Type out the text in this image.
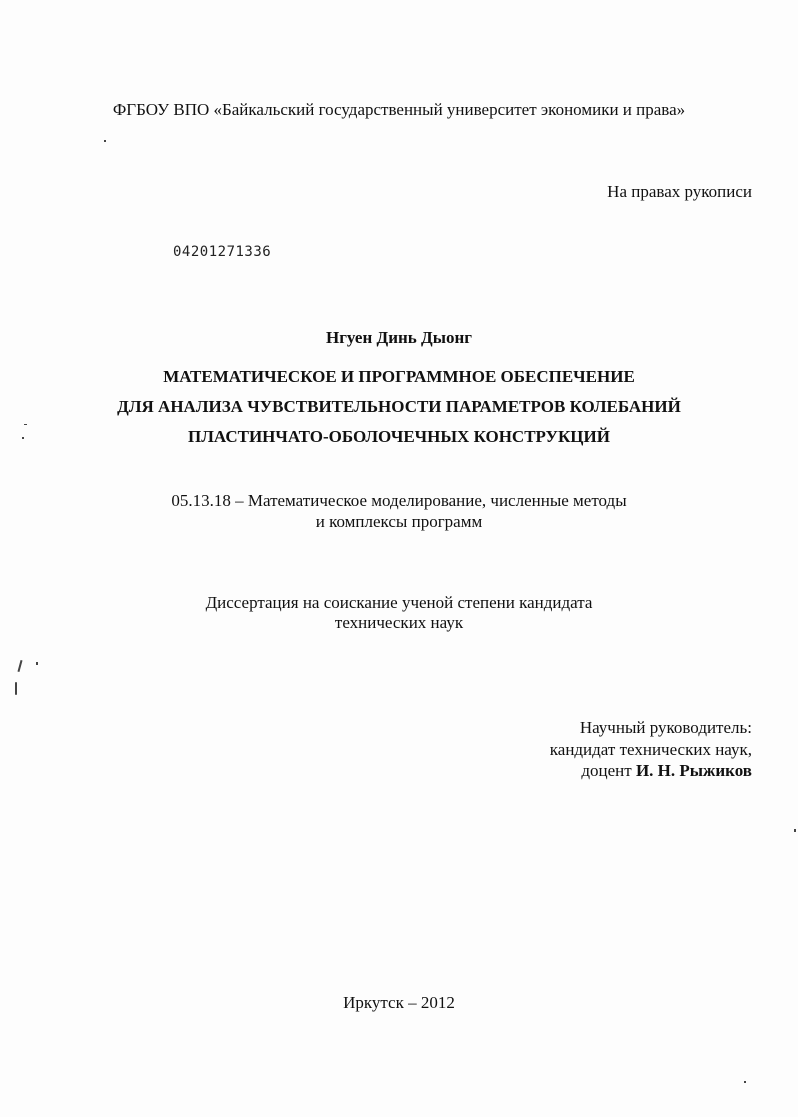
ФГБОУ ВПО «Байкальский государственный университет экономики и права»
На правах рукописи
04201271336
Нгуен Динь Дыонг
МАТЕМАТИЧЕСКОЕ И ПРОГРАММНОЕ ОБЕСПЕЧЕНИЕ
ДЛЯ АНАЛИЗА ЧУВСТВИТЕЛЬНОСТИ ПАРАМЕТРОВ КОЛЕБАНИЙ
ПЛАСТИНЧАТО-ОБОЛОЧЕЧНЫХ КОНСТРУКЦИЙ
05.13.18 – Математическое моделирование, численные методы
и комплексы программ
Диссертация на соискание ученой степени кандидата
технических наук
Научный руководитель:
кандидат технических наук,
доцент И. Н. Рыжиков
Иркутск – 2012
